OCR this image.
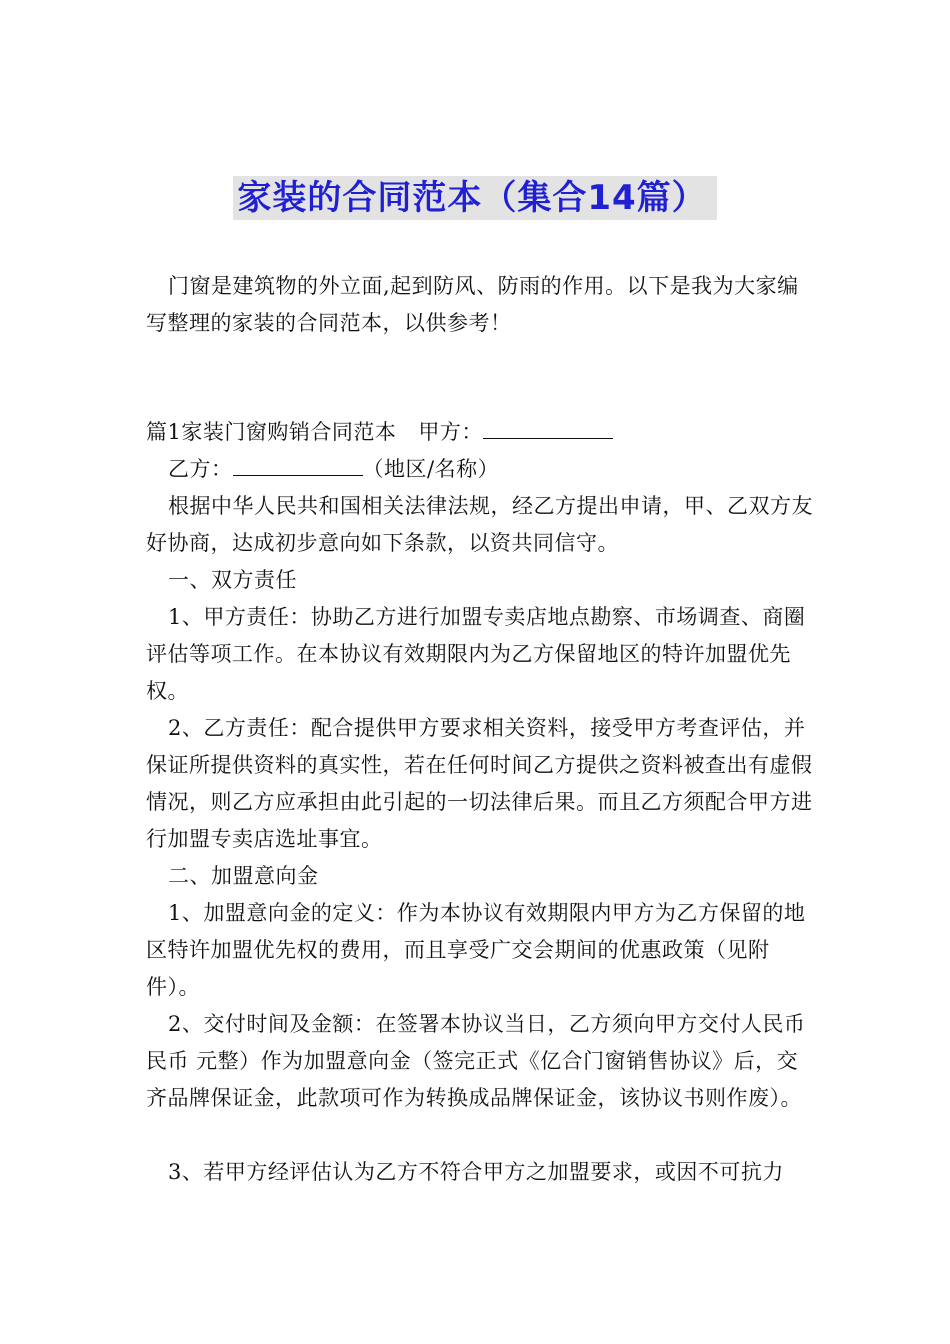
家装的合同范本（集合14篇）

门窗是建筑物的外立面,起到防风、防雨的作用。以下是我为大家编写整理的家装的合同范本，以供参考！

篇1家装门窗购销合同范本 甲方：

乙方：	（地区/名称）

根据中华人民共和国相关法律法规，经乙方提出申请，甲、乙双方友好协商，达成初步意向如下条款，以资共同信守。

一、双方责任

1、甲方责任：协助乙方进行加盟专卖店地点勘察、市场调查、商圈评估等项工作。在本协议有效期限内为乙方保留地区的特许加盟优先权。

2、乙方责任：配合提供甲方要求相关资料，接受甲方考查评估，并保证所提供资料的真实性，若在任何时间乙方提供之资料被查出有虚假情况，则乙方应承担由此引起的一切法律后果。而且乙方须配合甲方进行加盟专卖店选址事宜。

二、加盟意向金

1、加盟意向金的定义：作为本协议有效期限内甲方为乙方保留的地区特许加盟优先权的费用，而且享受广交会期间的优惠政策（见附件）。

2、交付时间及金额：在签署本协议当日，乙方须向甲方交付人民币民币 元整）作为加盟意向金（签完正式《亿合门窗销售协议》后，交齐品牌保证金，此款项可作为转换成品牌保证金，该协议书则作废）。

3、若甲方经评估认为乙方不符合甲方之加盟要求，或因不可抗力
